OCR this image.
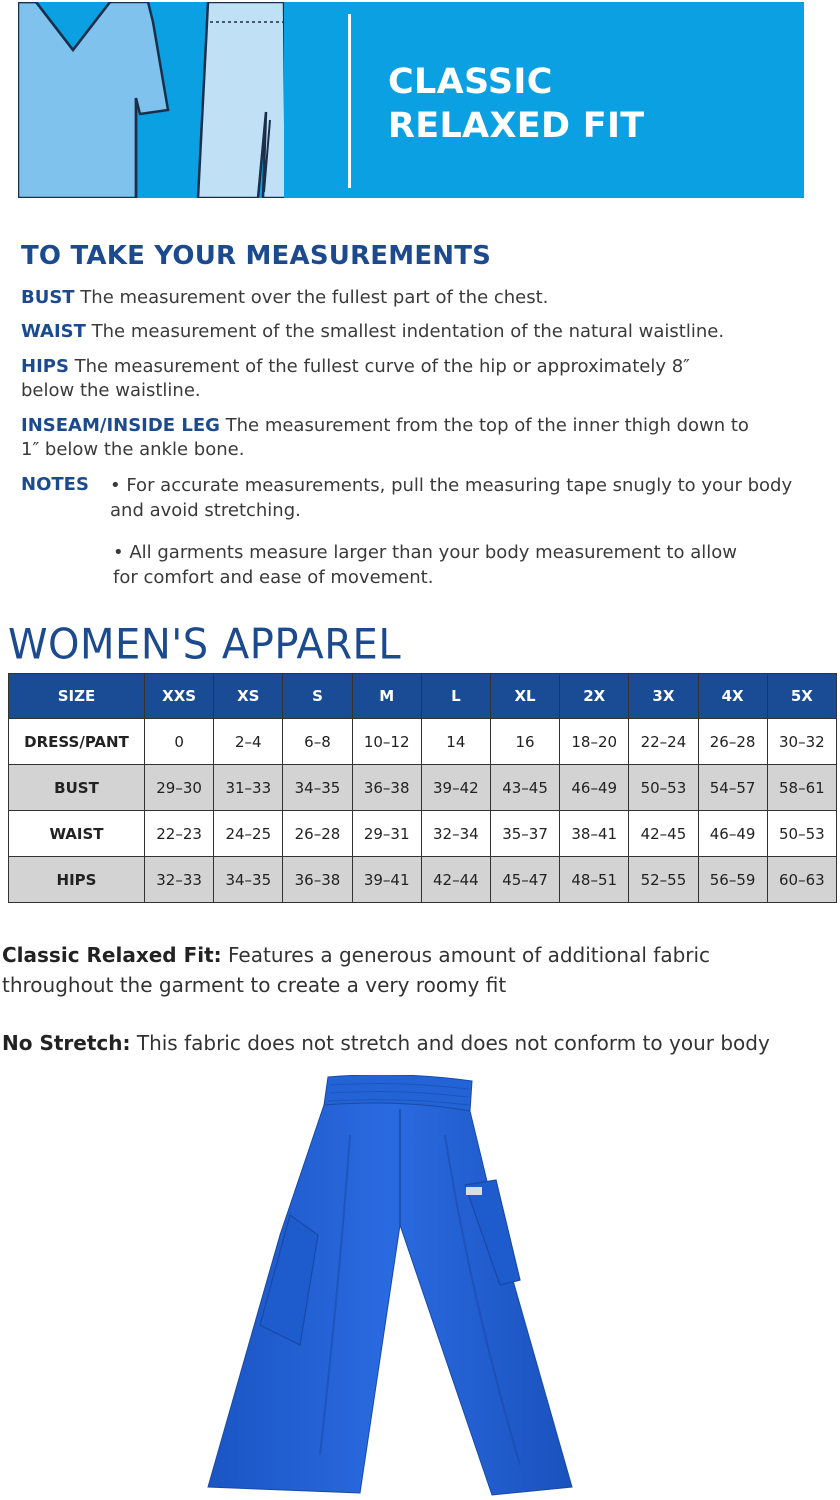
CLASSIC
RELAXED FIT
TO TAKE YOUR MEASUREMENTS
BUST The measurement over the fullest part of the chest.
WAIST The measurement of the smallest indentation of the natural waistline.
HIPS The measurement of the fullest curve of the hip or approximately 8″ below the waistline.
INSEAM/INSIDE LEG The measurement from the top of the inner thigh down to 1″ below the ankle bone.
NOTES • For accurate measurements, pull the measuring tape snugly to your body and avoid stretching.
• All garments measure larger than your body measurement to allow for comfort and ease of movement.
WOMEN'S APPAREL
SIZE	XXS	XS	S	M	L	XL	2X	3X	4X	5X
DRESS/PANT	0	2–4	6–8	10–12	14	16	18–20	22–24	26–28	30–32
BUST	29–30	31–33	34–35	36–38	39–42	43–45	46–49	50–53	54–57	58–61
WAIST	22–23	24–25	26–28	29–31	32–34	35–37	38–41	42–45	46–49	50–53
HIPS	32–33	34–35	36–38	39–41	42–44	45–47	48–51	52–55	56–59	60–63
Classic Relaxed Fit: Features a generous amount of additional fabric throughout the garment to create a very roomy fit
No Stretch: This fabric does not stretch and does not conform to your body
